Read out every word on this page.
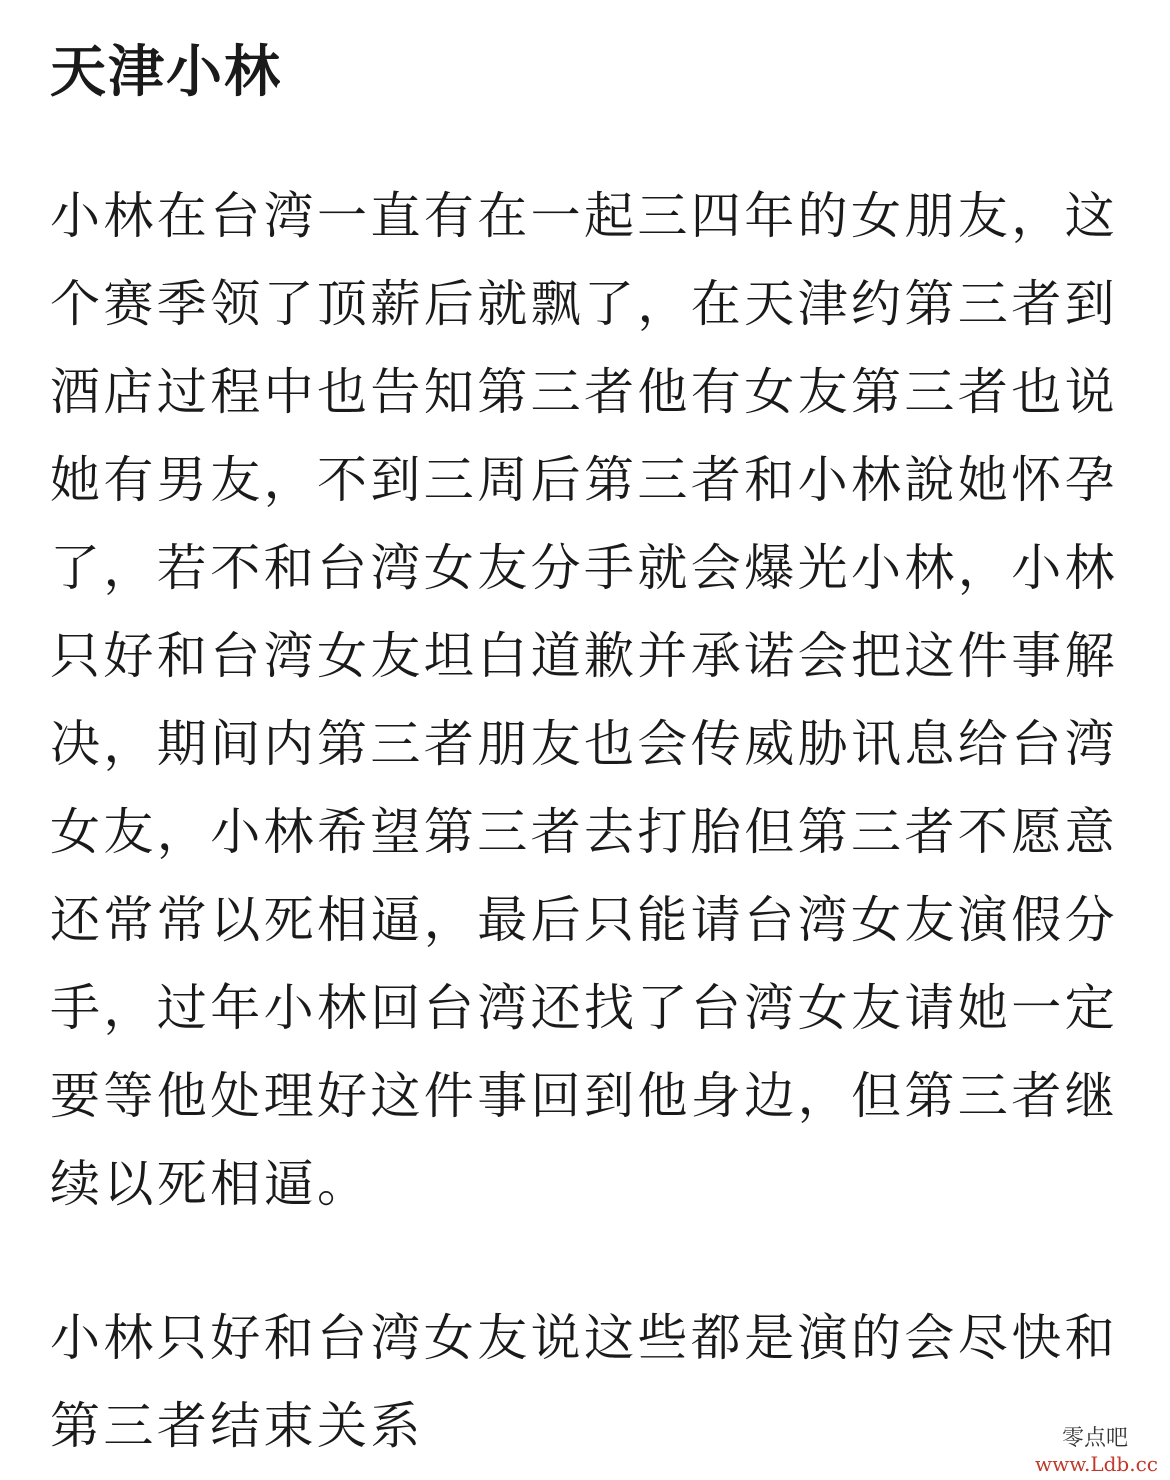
天津小林
小林在台湾一直有在一起三四年的女朋友，这
个赛季领了顶薪后就飘了，在天津约第三者到
酒店过程中也告知第三者他有女友第三者也说
她有男友，不到三周后第三者和小林說她怀孕
了，若不和台湾女友分手就会爆光小林，小林
只好和台湾女友坦白道歉并承诺会把这件事解
决，期间内第三者朋友也会传威胁讯息给台湾
女友，小林希望第三者去打胎但第三者不愿意
还常常以死相逼，最后只能请台湾女友演假分
手，过年小林回台湾还找了台湾女友请她一定
要等他处理好这件事回到他身边，但第三者继
续以死相逼。
小林只好和台湾女友说这些都是演的会尽快和
第三者结束关系	零点吧
www.Ldb.cc
